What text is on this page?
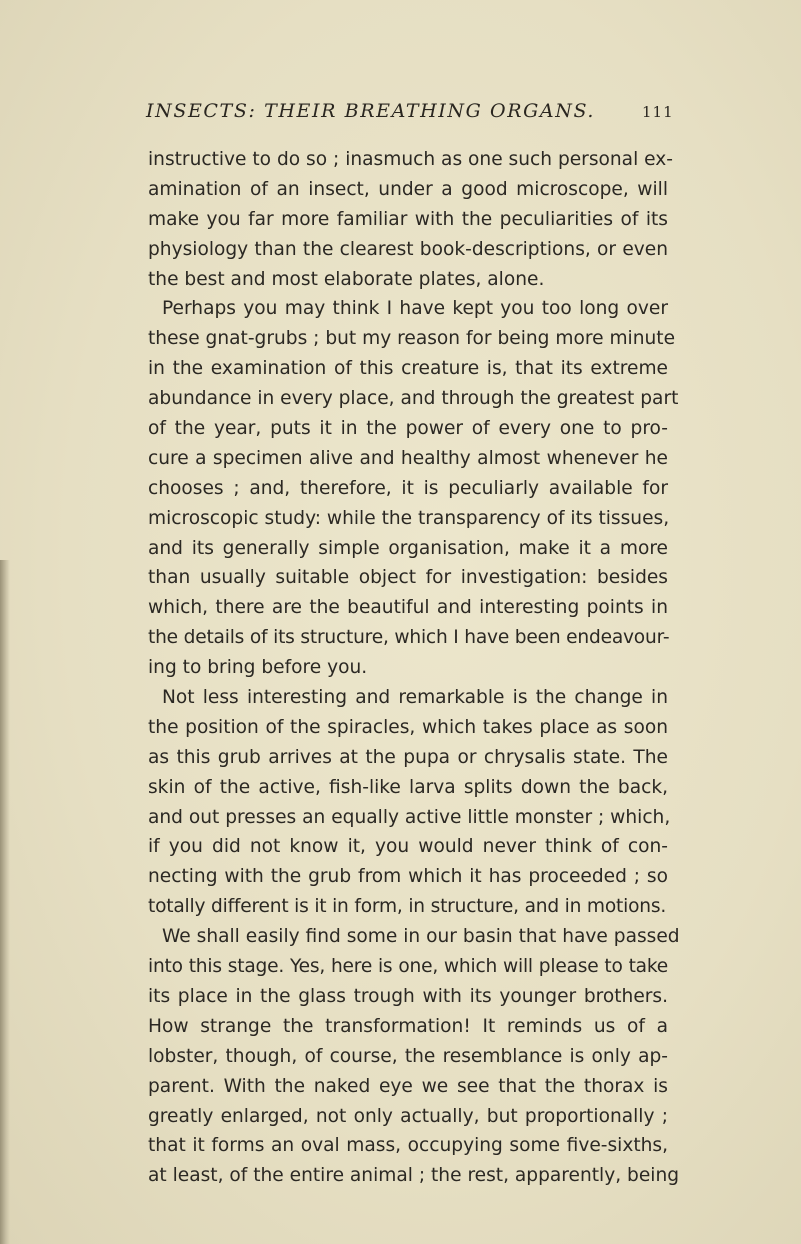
INSECTS: THEIR BREATHING ORGANS.	111
instructive to do so ; inasmuch as one such personal ex-
amination of an insect, under a good microscope, will
make you far more familiar with the peculiarities of its
physiology than the clearest book-descriptions, or even
the best and most elaborate plates, alone.
Perhaps you may think I have kept you too long over
these gnat-grubs ; but my reason for being more minute
in the examination of this creature is, that its extreme
abundance in every place, and through the greatest part
of the year, puts it in the power of every one to pro-
cure a specimen alive and healthy almost whenever he
chooses ; and, therefore, it is peculiarly available for
microscopic study: while the transparency of its tissues,
and its generally simple organisation, make it a more
than usually suitable object for investigation: besides
which, there are the beautiful and interesting points in
the details of its structure, which I have been endeavour-
ing to bring before you.
Not less interesting and remarkable is the change in
the position of the spiracles, which takes place as soon
as this grub arrives at the pupa or chrysalis state. The
skin of the active, fish-like larva splits down the back,
and out presses an equally active little monster ; which,
if you did not know it, you would never think of con-
necting with the grub from which it has proceeded ; so
totally different is it in form, in structure, and in motions.
We shall easily find some in our basin that have passed
into this stage. Yes, here is one, which will please to take
its place in the glass trough with its younger brothers.
How strange the transformation! It reminds us of a
lobster, though, of course, the resemblance is only ap-
parent. With the naked eye we see that the thorax is
greatly enlarged, not only actually, but proportionally ;
that it forms an oval mass, occupying some five-sixths,
at least, of the entire animal ; the rest, apparently, being
